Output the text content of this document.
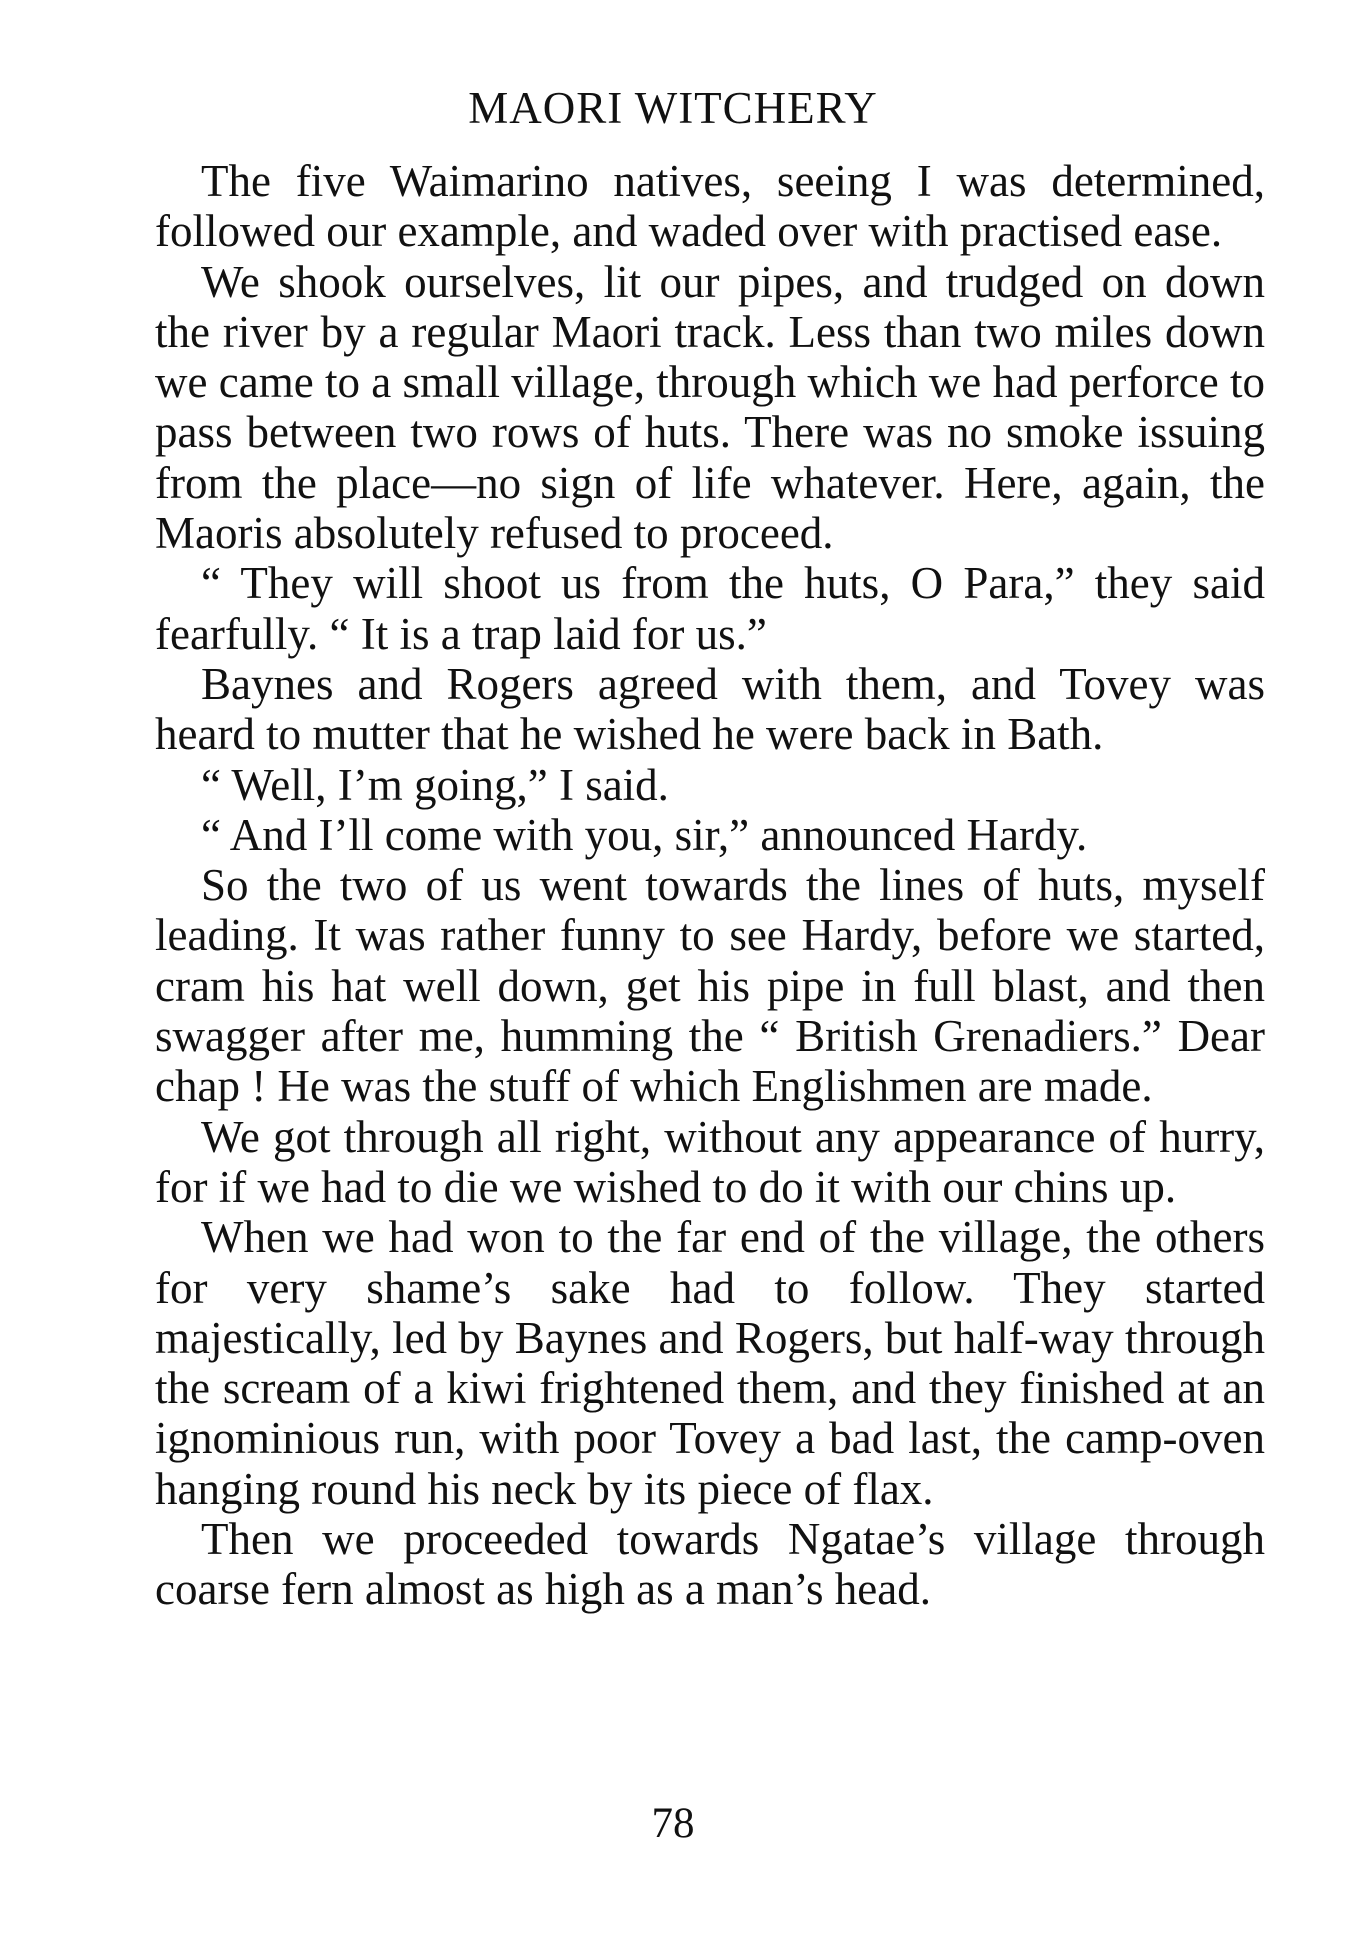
MAORI WITCHERY

The five Waimarino natives, seeing I was determined, followed our example, and waded over with practised ease.

We shook ourselves, lit our pipes, and trudged on down the river by a regular Maori track. Less than two miles down we came to a small village, through which we had perforce to pass between two rows of huts. There was no smoke issuing from the place—no sign of life whatever. Here, again, the Maoris absolutely refused to proceed.

“ They will shoot us from the huts, O Para,” they said fearfully. “ It is a trap laid for us.”

Baynes and Rogers agreed with them, and Tovey was heard to mutter that he wished he were back in Bath.

“ Well, I’m going,” I said.

“ And I’ll come with you, sir,” announced Hardy.

So the two of us went towards the lines of huts, myself leading. It was rather funny to see Hardy, before we started, cram his hat well down, get his pipe in full blast, and then swagger after me, humming the “ British Grenadiers.” Dear chap ! He was the stuff of which Englishmen are made.

We got through all right, without any appearance of hurry, for if we had to die we wished to do it with our chins up.

When we had won to the far end of the village, the others for very shame’s sake had to follow. They started majestically, led by Baynes and Rogers, but half-way through the scream of a kiwi frightened them, and they finished at an ignominious run, with poor Tovey a bad last, the camp-oven hanging round his neck by its piece of flax.

Then we proceeded towards Ngatae’s village through coarse fern almost as high as a man’s head.

78
